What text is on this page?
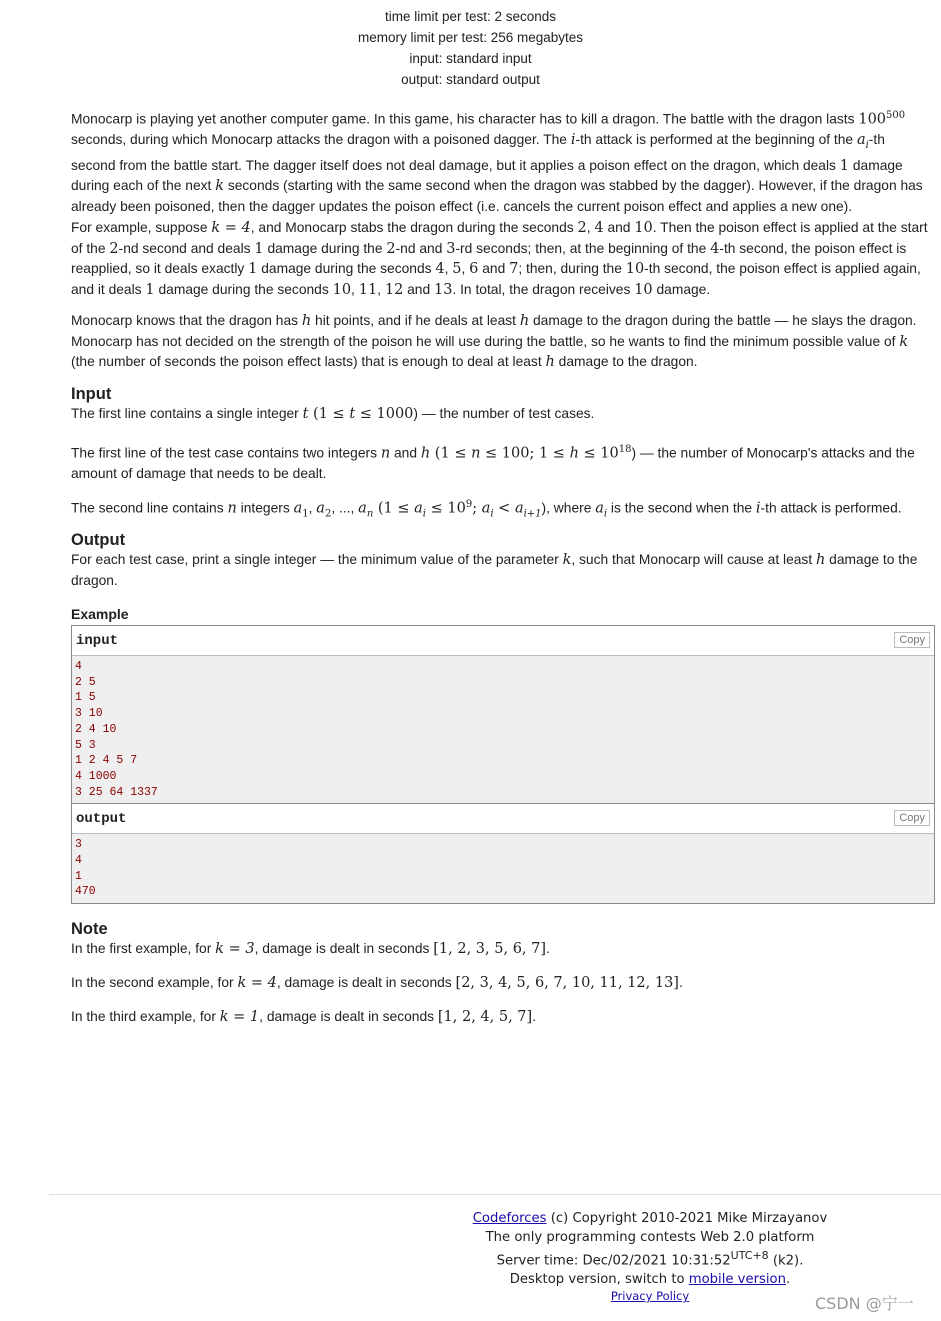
time limit per test: 2 seconds
memory limit per test: 256 megabytes
input: standard input
output: standard output
Monocarp is playing yet another computer game. In this game, his character has to kill a dragon. The battle with the dragon lasts $100^{500}$ seconds, during which Monocarp attacks the dragon with a poisoned dagger. The i-th attack is performed at the beginning of the $a_i-th$ second from the battle start. The dagger itself does not deal damage, but it applies a poison effect on the dragon, which deals 1 damage during each of the next k seconds (starting with the same second when the dragon was stabbed by the dagger). However, if the dragon has already been poisoned, then the dagger updates the poison effect (i.e. cancels the current poison effect and applies a new one).
For example, suppose k = 4, and Monocarp stabs the dragon during the seconds 2, 4 and 10. Then the poison effect is applied at the start of the 2-nd second and deals 1 damage during the 2-nd and 3-rd seconds; then, at the beginning of the 4-th second, the poison effect is reapplied, so it deals exactly 1 damage during the seconds 4, 5, 6 and 7; then, during the 10-th second, the poison effect is applied again, and it deals 1 damage during the seconds 10, 11, 12 and 13. In total, the dragon receives 10 damage.
Monocarp knows that the dragon has h hit points, and if he deals at least h damage to the dragon during the battle — he slays the dragon. Monocarp has not decided on the strength of the poison he will use during the battle, so he wants to find the minimum possible value of k (the number of seconds the poison effect lasts) that is enough to deal at least h damage to the dragon.
Input
The first line contains a single integer t (1 ≤ t ≤ 1000) — the number of test cases.
The first line of the test case contains two integers n and h (1 ≤ n ≤ 100; $1 \le h \le 10^{18}$) — the number of Monocarp's attacks and the amount of damage that needs to be dealt.
The second line contains n integers $a_1$, $a_2$, ..., $a_n$ ($1 \le a_i \le 10^9$; $a_i < a_{i+1}$), where $a_i$ is the second when the i-th attack is performed.
Output
For each test case, print a single integer — the minimum value of the parameter k, such that Monocarp will cause at least h damage to the dragon.
Example
input	Copy
4
2 5
1 5
3 10
2 4 10
5 3
1 2 4 5 7
4 1000
3 25 64 1337
output	Copy
3
4
1
470
Note
In the first example, for k = 3, damage is dealt in seconds [1, 2, 3, 5, 6, 7].
In the second example, for k = 4, damage is dealt in seconds [2, 3, 4, 5, 6, 7, 10, 11, 12, 13].
In the third example, for k = 1, damage is dealt in seconds [1, 2, 4, 5, 7].
Codeforces (c) Copyright 2010-2021 Mike Mirzayanov
The only programming contests Web 2.0 platform
Server time: Dec/02/2021 $10:31:52^{UTC+8}$ (k2).
Desktop version, switch to mobile version.
Privacy Policy	CSDN @宁一
